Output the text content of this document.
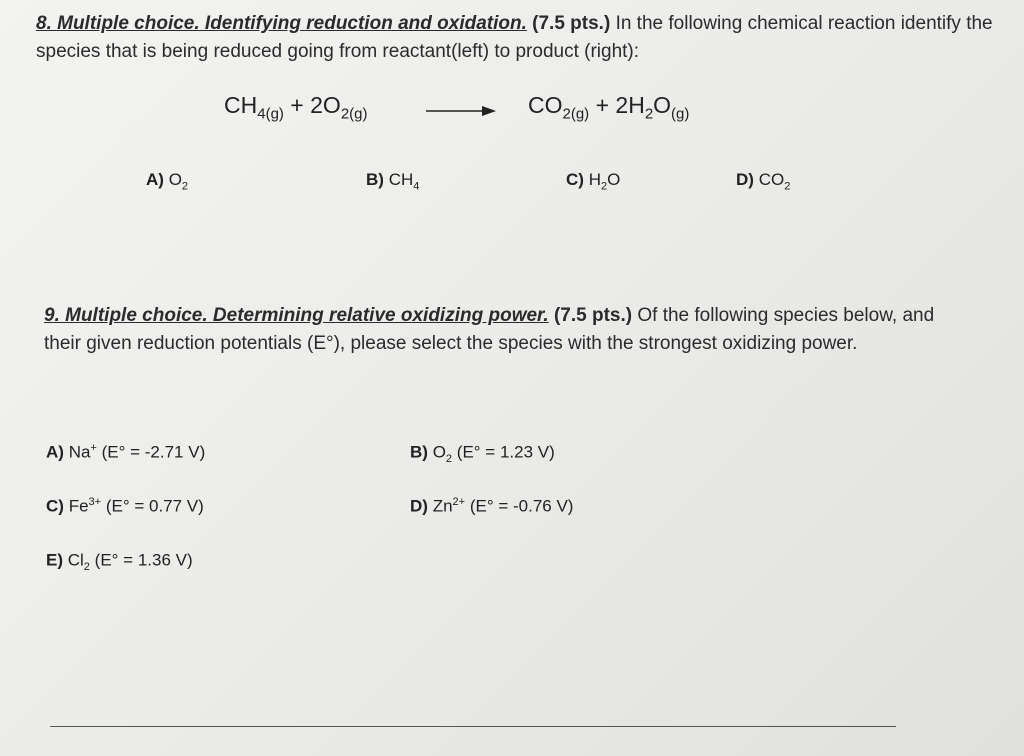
8. Multiple choice. Identifying reduction and oxidation. (7.5 pts.) In the following chemical reaction identify the species that is being reduced going from reactant(left) to product (right):
$CH_{4(g)} + 2O_{2(g)}$	$CO_{2(g)} + 2H_2O_{(g)}$
A) $O_2$	B) $CH_4$	C) $H_2O$	D) $CO_2$
9. Multiple choice. Determining relative oxidizing power. (7.5 pts.) Of the following species below, and their given reduction potentials (E°), please select the species with the strongest oxidizing power.
A) Na+ (E° = -2.71 V)	B) $O_2$ (E° = 1.23 V)
C) $Fe^{3+}$ (E° = 0.77 V)	D) $Zn^{2+}$ (E° = -0.76 V)
E) $Cl_2$ (E° = 1.36 V)
